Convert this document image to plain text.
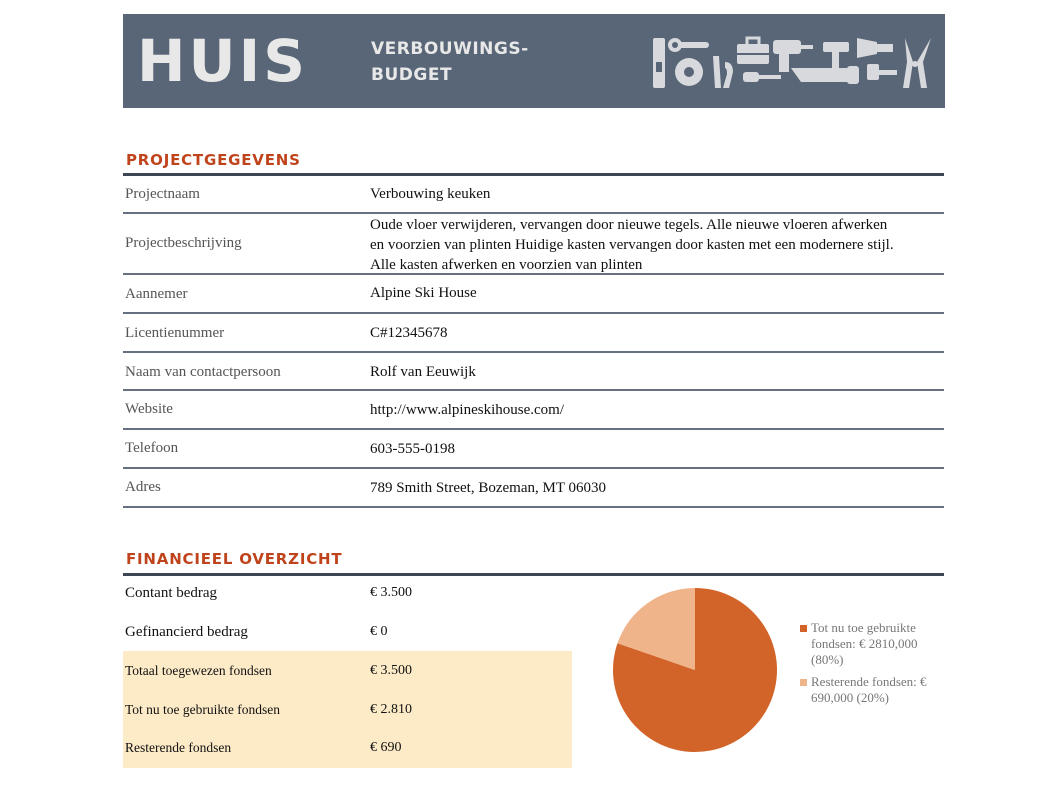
HUIS	VERBOUWINGS-
BUDGET
PROJECTGEGEVENS
Projectnaam	Verbouwing keuken
Projectbeschrijving
Oude vloer verwijderen, vervangen door nieuwe tegels. Alle nieuwe vloeren afwerken
en voorzien van plinten Huidige kasten vervangen door kasten met een modernere stijl.
Alle kasten afwerken en voorzien van plinten
Aannemer	Alpine Ski House
Licentienummer	C#12345678
Naam van contactpersoon	Rolf van Eeuwijk
Website	http://www.alpineskihouse.com/
Telefoon	603-555-0198
Adres	789 Smith Street, Bozeman, MT 06030
FINANCIEEL OVERZICHT
Contant bedrag	€ 3.500
Gefinancierd bedrag	€ 0
Totaal toegewezen fondsen	€ 3.500
Tot nu toe gebruikte fondsen	€ 2.810
Resterende fondsen	€ 690
Tot nu toe gebruikte fondsen: € 2810,000 (80%)
Resterende fondsen: € 690,000 (20%)
